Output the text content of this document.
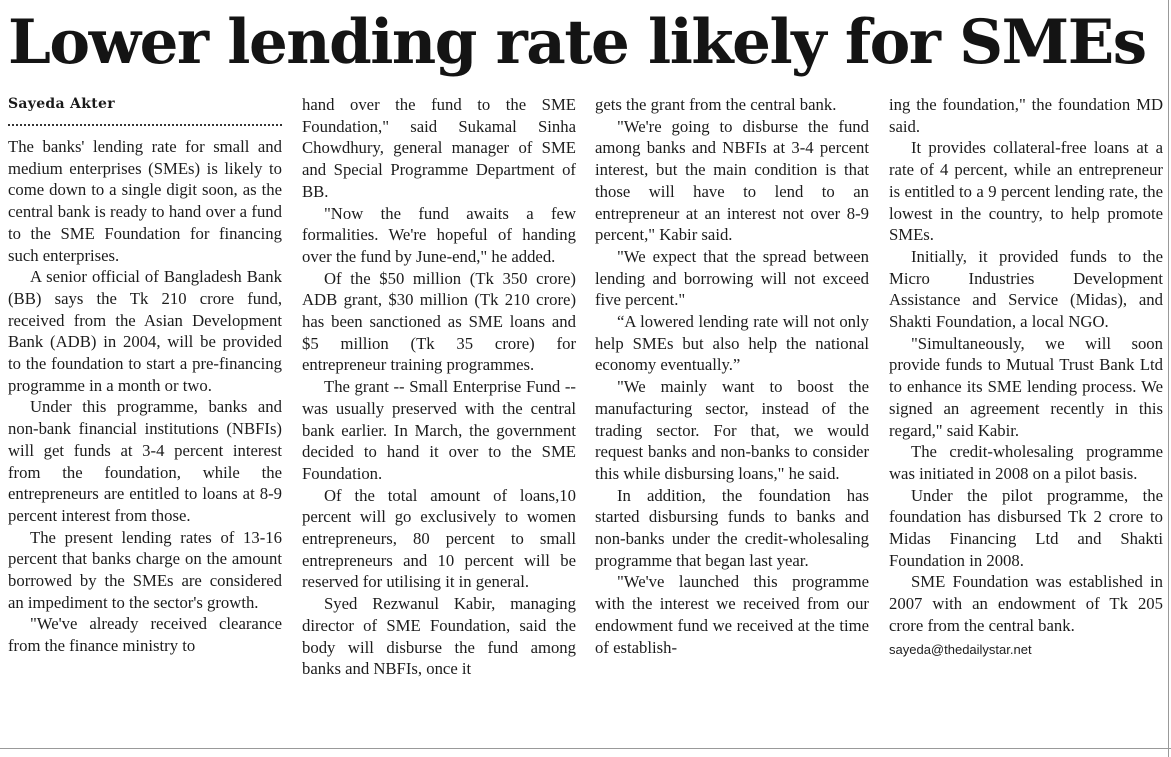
Lower lending rate likely for SMEs
Sayeda Akter

The banks' lending rate for small and medium enterprises (SMEs) is likely to come down to a single digit soon, as the central bank is ready to hand over a fund to the SME Foundation for financing such enterprises.

A senior official of Bangladesh Bank (BB) says the Tk 210 crore fund, received from the Asian Development Bank (ADB) in 2004, will be provided to the foundation to start a pre-financing programme in a month or two.

Under this programme, banks and non-bank financial institutions (NBFIs) will get funds at 3-4 percent interest from the foundation, while the entrepreneurs are entitled to loans at 8-9 percent interest from those.

The present lending rates of 13-16 percent that banks charge on the amount borrowed by the SMEs are considered an impediment to the sector's growth.

"We've already received clearance from the finance ministry to

hand over the fund to the SME Foundation," said Sukamal Sinha Chowdhury, general manager of SME and Special Programme Department of BB.

"Now the fund awaits a few formalities. We're hopeful of handing over the fund by June-end," he added.

Of the $50 million (Tk 350 crore) ADB grant, $30 million (Tk 210 crore) has been sanctioned as SME loans and $5 million (Tk 35 crore) for entrepreneur training programmes.

The grant -- Small Enterprise Fund -- was usually preserved with the central bank earlier. In March, the government decided to hand it over to the SME Foundation.

Of the total amount of loans,10 percent will go exclusively to women entrepreneurs, 80 percent to small entrepreneurs and 10 percent will be reserved for utilising it in general.

Syed Rezwanul Kabir, managing director of SME Foundation, said the body will disburse the fund among banks and NBFIs, once it

gets the grant from the central bank.

"We're going to disburse the fund among banks and NBFIs at 3-4 percent interest, but the main condition is that those will have to lend to an entrepreneur at an interest not over 8-9 percent," Kabir said.

"We expect that the spread between lending and borrowing will not exceed five percent."

“A lowered lending rate will not only help SMEs but also help the national economy eventually.”

"We mainly want to boost the manufacturing sector, instead of the trading sector. For that, we would request banks and non-banks to consider this while disbursing loans," he said.

In addition, the foundation has started disbursing funds to banks and non-banks under the credit-wholesaling programme that began last year.

"We've launched this programme with the interest we received from our endowment fund we received at the time of establish-

ing the foundation," the foundation MD said.

It provides collateral-free loans at a rate of 4 percent, while an entrepreneur is entitled to a 9 percent lending rate, the lowest in the country, to help promote SMEs.

Initially, it provided funds to the Micro Industries Development Assistance and Service (Midas), and Shakti Foundation, a local NGO.

"Simultaneously, we will soon provide funds to Mutual Trust Bank Ltd to enhance its SME lending process. We signed an agreement recently in this regard," said Kabir.

The credit-wholesaling programme was initiated in 2008 on a pilot basis.

Under the pilot programme, the foundation has disbursed Tk 2 crore to Midas Financing Ltd and Shakti Foundation in 2008.

SME Foundation was established in 2007 with an endowment of Tk 205 crore from the central bank.

sayeda@thedailystar.net
